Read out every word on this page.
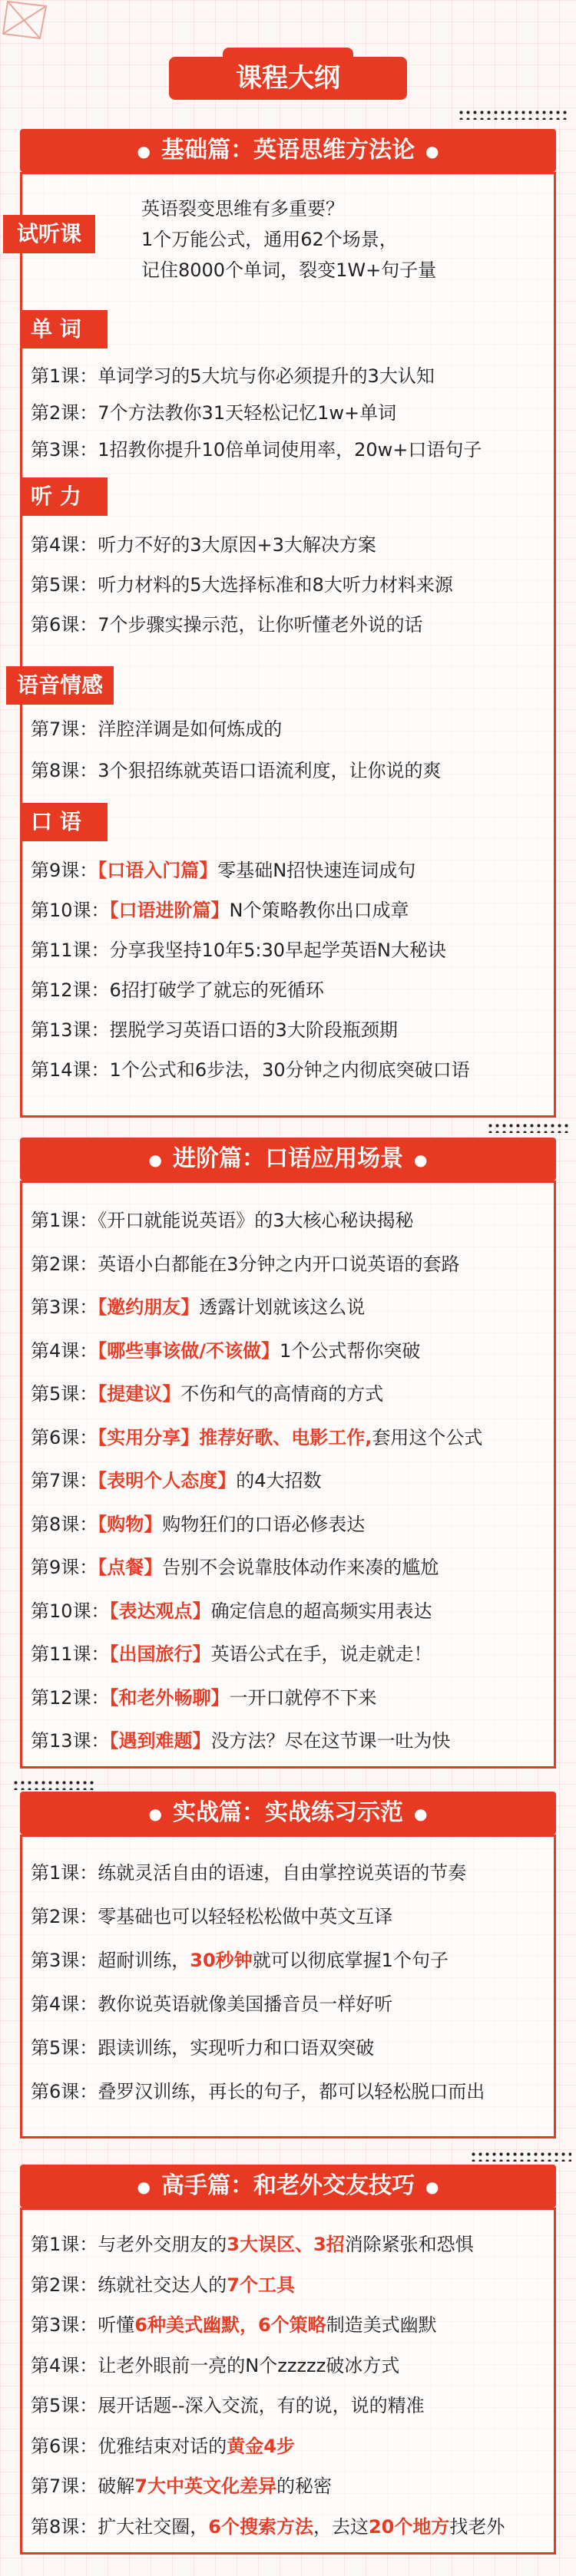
课程大纲
● 基础篇：英语思维方法论 ●
试听课
英语裂变思维有多重要？
1个万能公式，通用62个场景，
记住8000个单词，裂变1W+句子量
单 词
第1课：单词学习的5大坑与你必须提升的3大认知
第2课：7个方法教你31天轻松记忆1w+单词
第3课：1招教你提升10倍单词使用率，20w+口语句子
听 力
第4课：听力不好的3大原因+3大解决方案
第5课：听力材料的5大选择标准和8大听力材料来源
第6课：7个步骤实操示范，让你听懂老外说的话
语音情感
第7课：洋腔洋调是如何炼成的
第8课：3个狠招练就英语口语流利度，让你说的爽
口 语
第9课：【口语入门篇】零基础N招快速连词成句
第10课：【口语进阶篇】N个策略教你出口成章
第11课：分享我坚持10年5:30早起学英语N大秘诀
第12课：6招打破学了就忘的死循环
第13课：摆脱学习英语口语的3大阶段瓶颈期
第14课：1个公式和6步法，30分钟之内彻底突破口语
● 进阶篇：口语应用场景 ●
第1课：《开口就能说英语》的3大核心秘诀揭秘
第2课：英语小白都能在3分钟之内开口说英语的套路
第3课：【邀约朋友】透露计划就该这么说
第4课：【哪些事该做/不该做】1个公式帮你突破
第5课：【提建议】不伤和气的高情商的方式
第6课：【实用分享】推荐好歌、电影工作,套用这个公式
第7课：【表明个人态度】的4大招数
第8课：【购物】购物狂们的口语必修表达
第9课：【点餐】告别不会说靠肢体动作来凑的尴尬
第10课：【表达观点】确定信息的超高频实用表达
第11课：【出国旅行】英语公式在手，说走就走！
第12课：【和老外畅聊】一开口就停不下来
第13课：【遇到难题】没方法？尽在这节课一吐为快
● 实战篇：实战练习示范 ●
第1课：练就灵活自由的语速，自由掌控说英语的节奏
第2课：零基础也可以轻轻松松做中英文互译
第3课：超耐训练，30秒钟就可以彻底掌握1个句子
第4课：教你说英语就像美国播音员一样好听
第5课：跟读训练，实现听力和口语双突破
第6课：叠罗汉训练，再长的句子，都可以轻松脱口而出
● 高手篇：和老外交友技巧 ●
第1课：与老外交朋友的3大误区、3招消除紧张和恐惧
第2课：练就社交达人的7个工具
第3课：听懂6种美式幽默，6个策略制造美式幽默
第4课：让老外眼前一亮的N个zzzzz破冰方式
第5课：展开话题--深入交流，有的说，说的精准
第6课：优雅结束对话的黄金4步
第7课：破解7大中英文化差异的秘密
第8课：扩大社交圈，6个搜索方法，去这20个地方找老外
